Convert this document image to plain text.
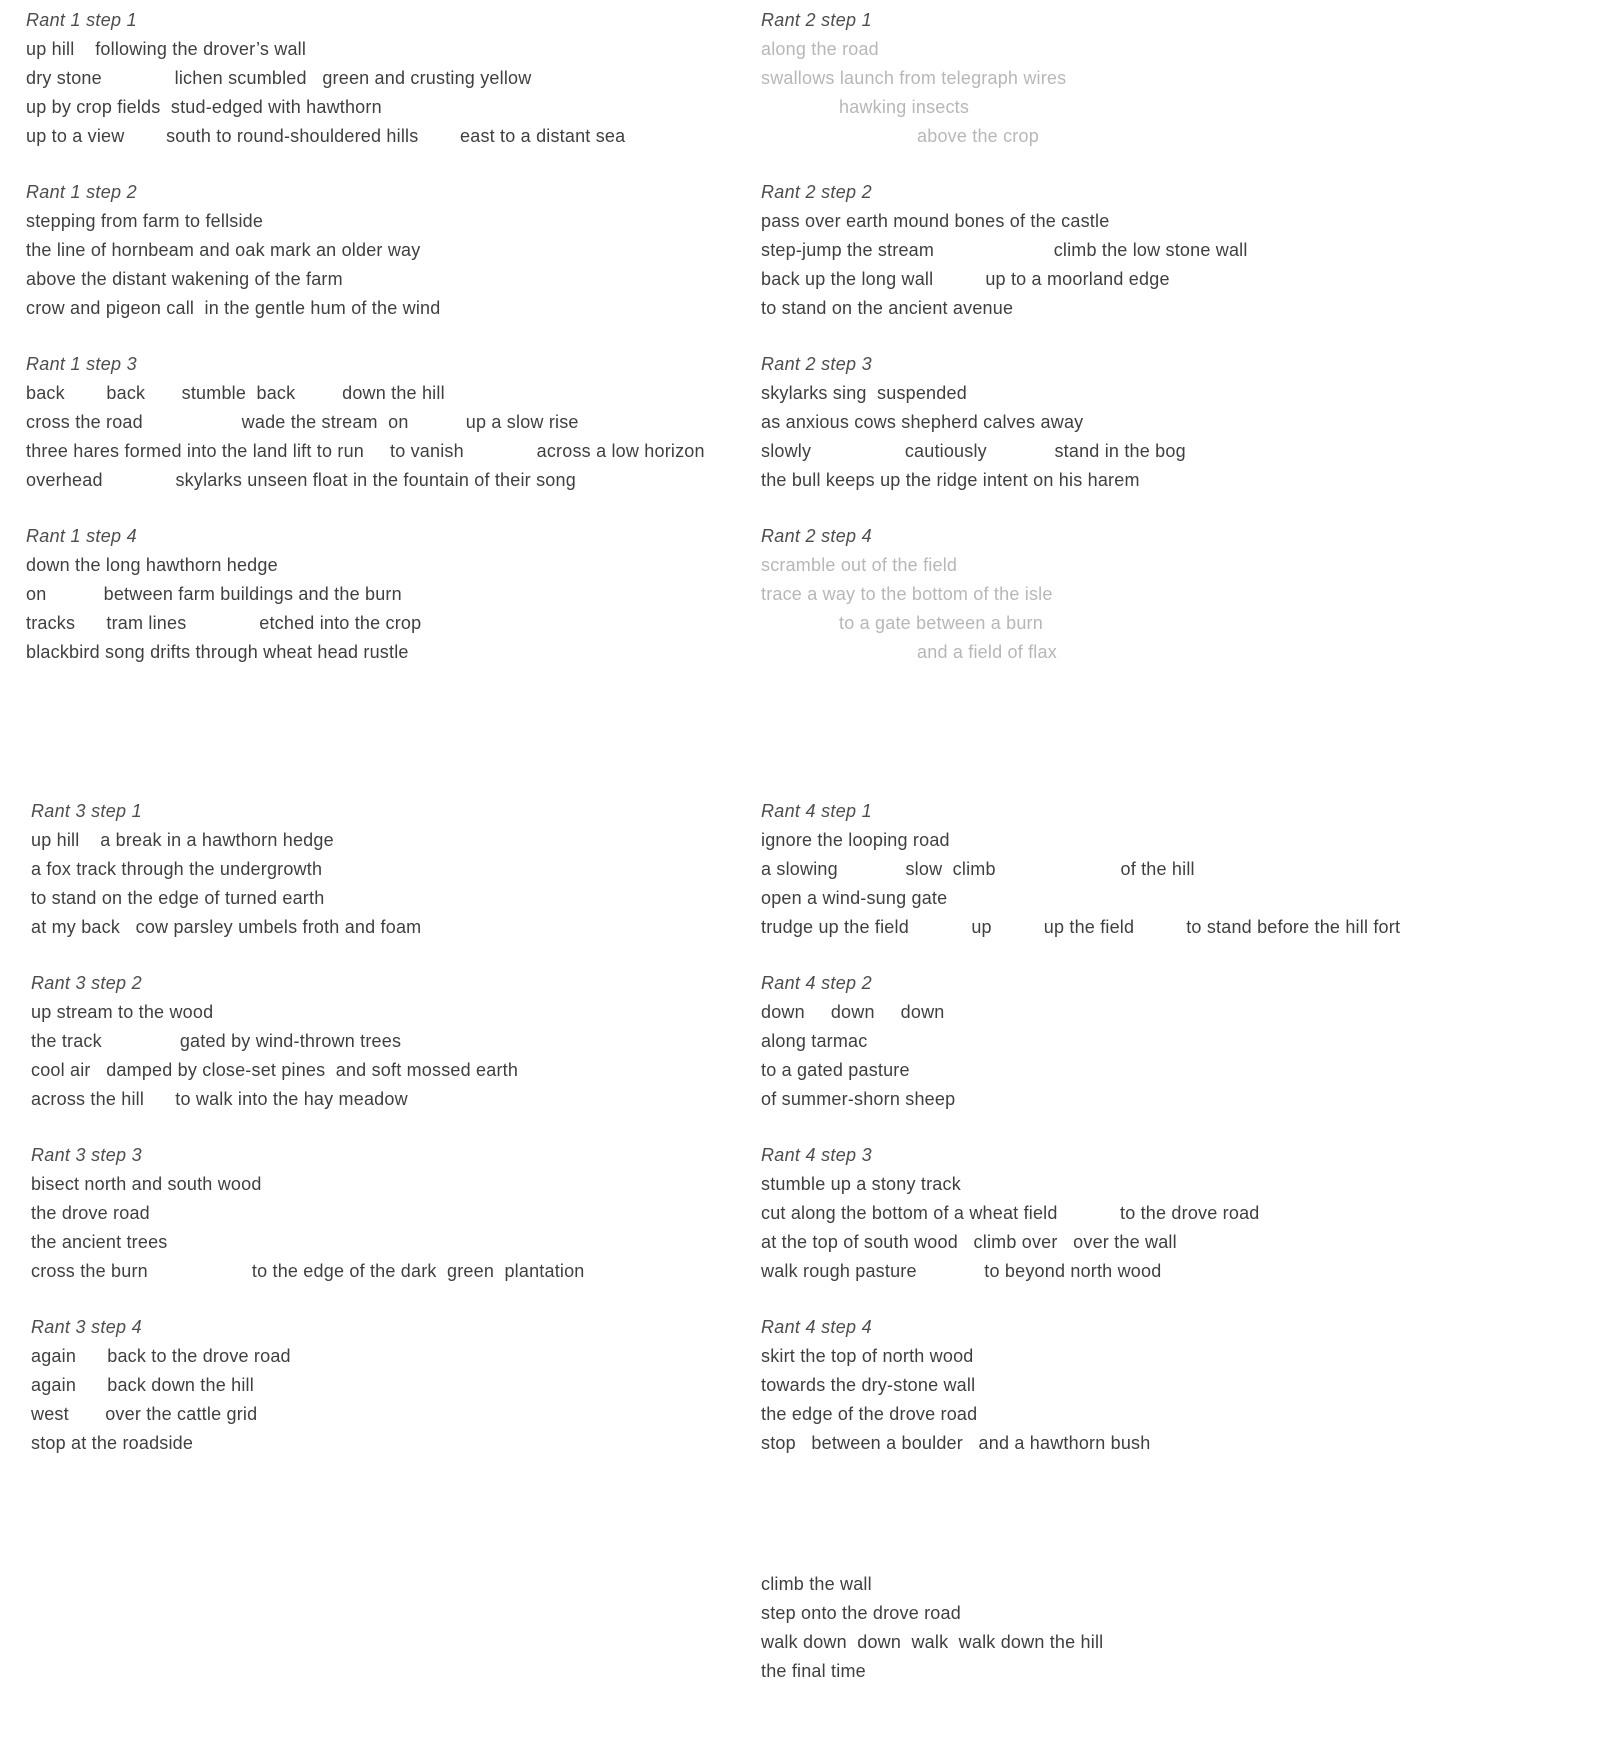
Rant 1 step 1
up hill    following the drover’s wall
dry stone              lichen scumbled   green and crusting yellow
up by crop fields  stud-edged with hawthorn
up to a view        south to round-shouldered hills        east to a distant sea
Rant 1 step 2
stepping from farm to fellside
the line of hornbeam and oak mark an older way
above the distant wakening of the farm
crow and pigeon call  in the gentle hum of the wind
Rant 1 step 3
back        back       stumble  back         down the hill
cross the road                   wade the stream  on           up a slow rise
three hares formed into the land lift to run     to vanish              across a low horizon
overhead              skylarks unseen float in the fountain of their song
Rant 1 step 4
down the long hawthorn hedge
on           between farm buildings and the burn
tracks      tram lines              etched into the crop
blackbird song drifts through wheat head rustle
Rant 2 step 1
along the road
swallows launch from telegraph wires
hawking insects
above the crop
Rant 2 step 2
pass over earth mound bones of the castle
step-jump the stream                       climb the low stone wall
back up the long wall          up to a moorland edge
to stand on the ancient avenue
Rant 2 step 3
skylarks sing  suspended
as anxious cows shepherd calves away
slowly                  cautiously             stand in the bog
the bull keeps up the ridge intent on his harem
Rant 2 step 4
scramble out of the field
trace a way to the bottom of the isle
to a gate between a burn
and a field of flax
Rant 3 step 1
up hill    a break in a hawthorn hedge
a fox track through the undergrowth
to stand on the edge of turned earth
at my back   cow parsley umbels froth and foam
Rant 3 step 2
up stream to the wood
the track               gated by wind-thrown trees
cool air   damped by close-set pines  and soft mossed earth
across the hill      to walk into the hay meadow
Rant 3 step 3
bisect north and south wood
the drove road
the ancient trees
cross the burn                    to the edge of the dark  green  plantation
Rant 3 step 4
again      back to the drove road
again      back down the hill
west       over the cattle grid
stop at the roadside
Rant 4 step 1
ignore the looping road
a slowing             slow  climb                        of the hill
open a wind-sung gate
trudge up the field            up          up the field          to stand before the hill fort
Rant 4 step 2
down     down     down
along tarmac
to a gated pasture
of summer-shorn sheep
Rant 4 step 3
stumble up a stony track
cut along the bottom of a wheat field            to the drove road
at the top of south wood   climb over   over the wall
walk rough pasture             to beyond north wood
Rant 4 step 4
skirt the top of north wood
towards the dry-stone wall
the edge of the drove road
stop   between a boulder   and a hawthorn bush
climb the wall
step onto the drove road
walk down  down  walk  walk down the hill
the final time
